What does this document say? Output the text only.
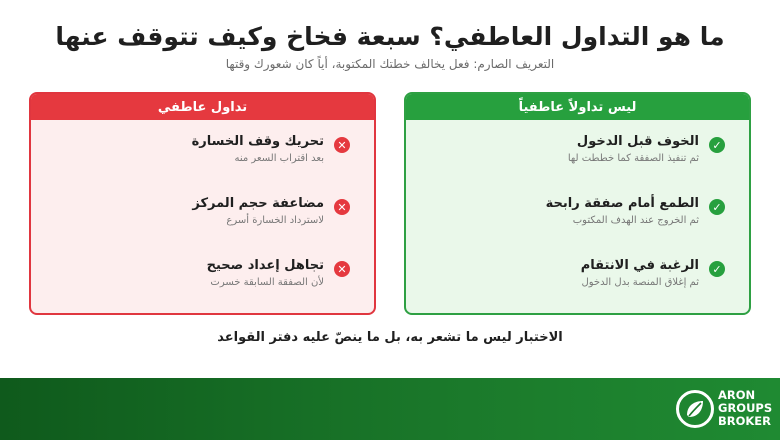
ما هو التداول العاطفي؟ سبعة فخاخ وكيف تتوقف عنها
التعريف الصارم: فعل يخالف خطتك المكتوبة، أياً كان شعورك وقتها
ليس تداولاً عاطفياً
✓
الخوف قبل الدخول
ثم تنفيذ الصفقة كما خططت لها
✓
الطمع أمام صفقة رابحة
ثم الخروج عند الهدف المكتوب
✓
الرغبة في الانتقام
ثم إغلاق المنصة بدل الدخول
تداول عاطفي
✕
تحريك وقف الخسارة
بعد اقتراب السعر منه
✕
مضاعفة حجم المركز
لاسترداد الخسارة أسرع
✕
تجاهل إعداد صحيح
لأن الصفقة السابقة خسرت
الاختبار ليس ما تشعر به، بل ما ينصّ عليه دفتر القواعد
ARON
GROUPS
BROKER
